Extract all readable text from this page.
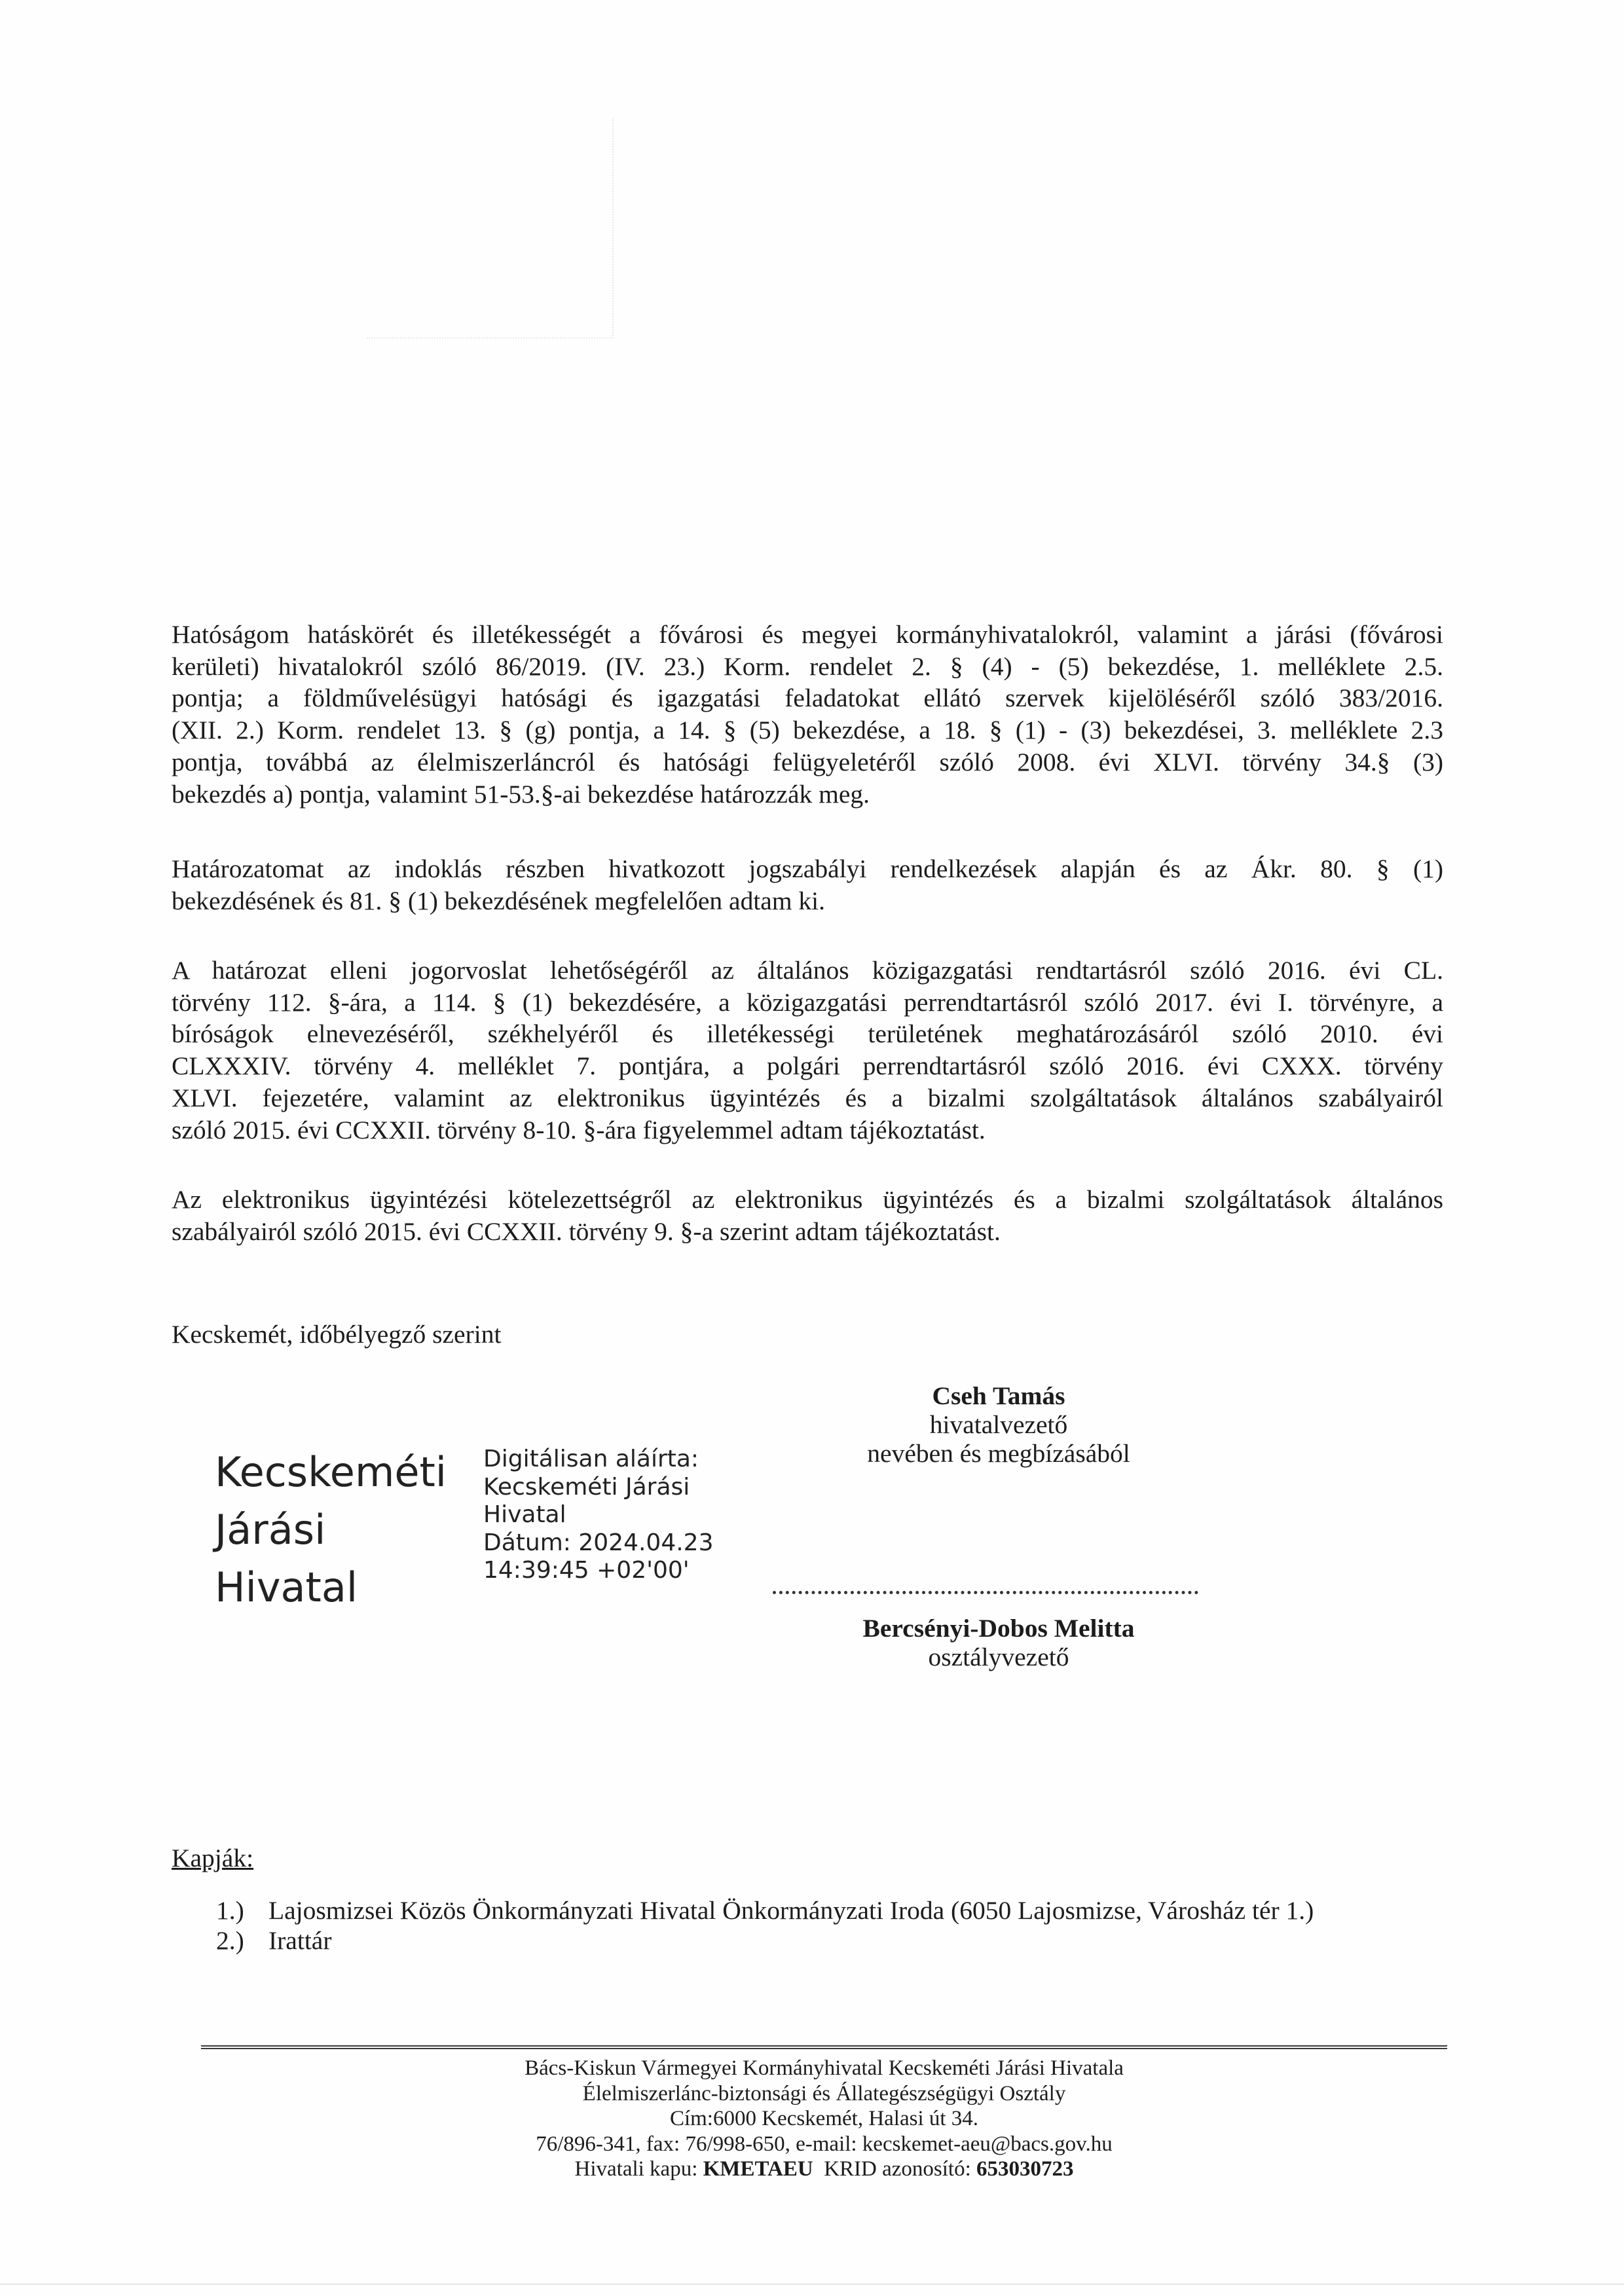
Hatóságom hatáskörét és illetékességét a fővárosi és megyei kormányhivatalokról, valamint a járási (fővárosi
kerületi) hivatalokról szóló 86/2019. (IV. 23.) Korm. rendelet 2. § (4) - (5) bekezdése, 1. melléklete 2.5.
pontja; a földművelésügyi hatósági és igazgatási feladatokat ellátó szervek kijelöléséről szóló 383/2016.
(XII. 2.) Korm. rendelet 13. § (g) pontja, a 14. § (5) bekezdése, a 18. § (1) - (3) bekezdései, 3. melléklete 2.3
pontja, továbbá az élelmiszerláncról és hatósági felügyeletéről szóló 2008. évi XLVI. törvény 34.§ (3)
bekezdés a) pontja, valamint 51-53.§-ai bekezdése határozzák meg.
Határozatomat az indoklás részben hivatkozott jogszabályi rendelkezések alapján és az Ákr. 80. § (1)
bekezdésének és 81. § (1) bekezdésének megfelelően adtam ki.
A határozat elleni jogorvoslat lehetőségéről az általános közigazgatási rendtartásról szóló 2016. évi CL.
törvény 112. §-ára, a 114. § (1) bekezdésére, a közigazgatási perrendtartásról szóló 2017. évi I. törvényre, a
bíróságok elnevezéséről, székhelyéről és illetékességi területének meghatározásáról szóló 2010. évi
CLXXXIV. törvény 4. melléklet 7. pontjára, a polgári perrendtartásról szóló 2016. évi CXXX. törvény
XLVI. fejezetére, valamint az elektronikus ügyintézés és a bizalmi szolgáltatások általános szabályairól
szóló 2015. évi CCXXII. törvény 8-10. §-ára figyelemmel adtam tájékoztatást.
Az elektronikus ügyintézési kötelezettségről az elektronikus ügyintézés és a bizalmi szolgáltatások általános
szabályairól szóló 2015. évi CCXXII. törvény 9. §-a szerint adtam tájékoztatást.
Kecskemét, időbélyegző szerint
Kecskeméti
Járási
Hivatal
Digitálisan aláírta:
Kecskeméti Járási
Hivatal
Dátum: 2024.04.23
14:39:45 +02'00'
Cseh Tamás
hivatalvezető
nevében és megbízásából
Bercsényi-Dobos Melitta
osztályvezető
Kapják:
1.) Lajosmizsei Közös Önkormányzati Hivatal Önkormányzati Iroda (6050 Lajosmizse, Városház tér 1.)
2.) Irattár
Bács-Kiskun Vármegyei Kormányhivatal Kecskeméti Járási Hivatala
Élelmiszerlánc-biztonsági és Állategészségügyi Osztály
Cím:6000 Kecskemét, Halasi út 34.
76/896-341, fax: 76/998-650, e-mail: kecskemet-aeu@bacs.gov.hu
Hivatali kapu: KMETAEU KRID azonosító: 653030723
